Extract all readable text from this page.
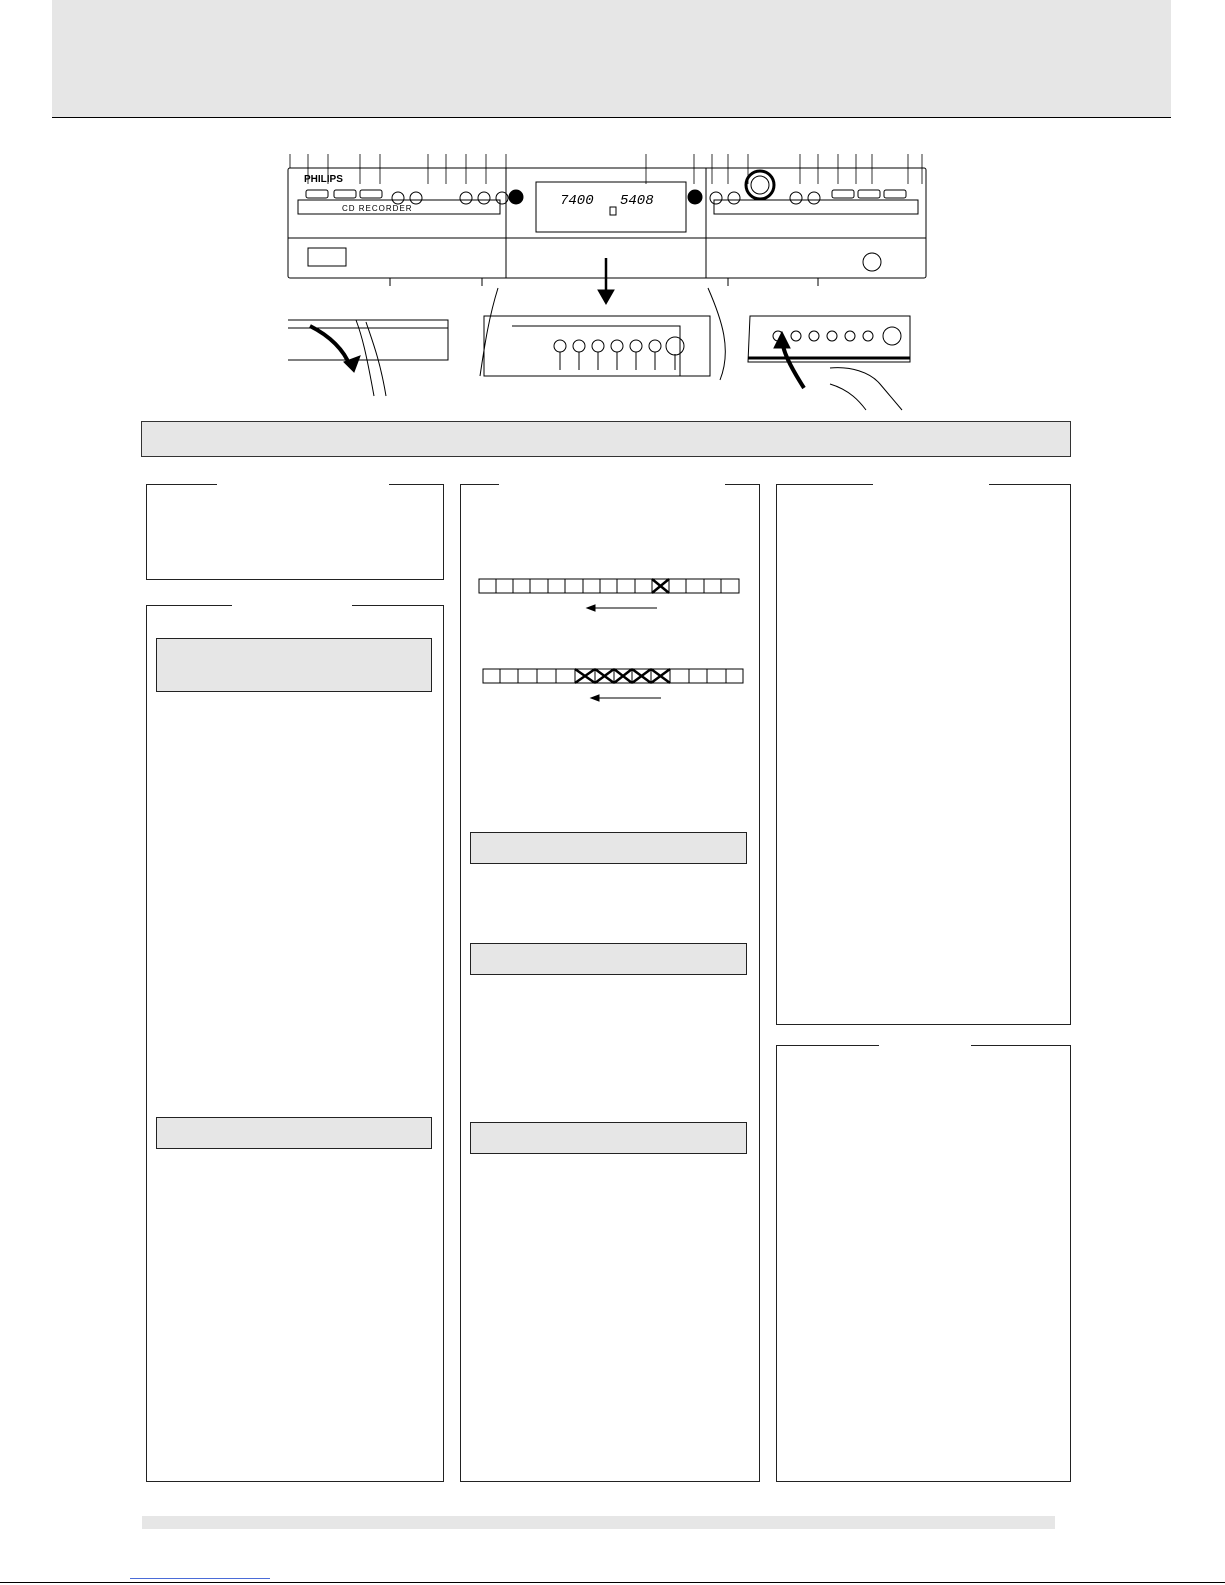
PHILIPS
CD RECORDER	7400 5408
